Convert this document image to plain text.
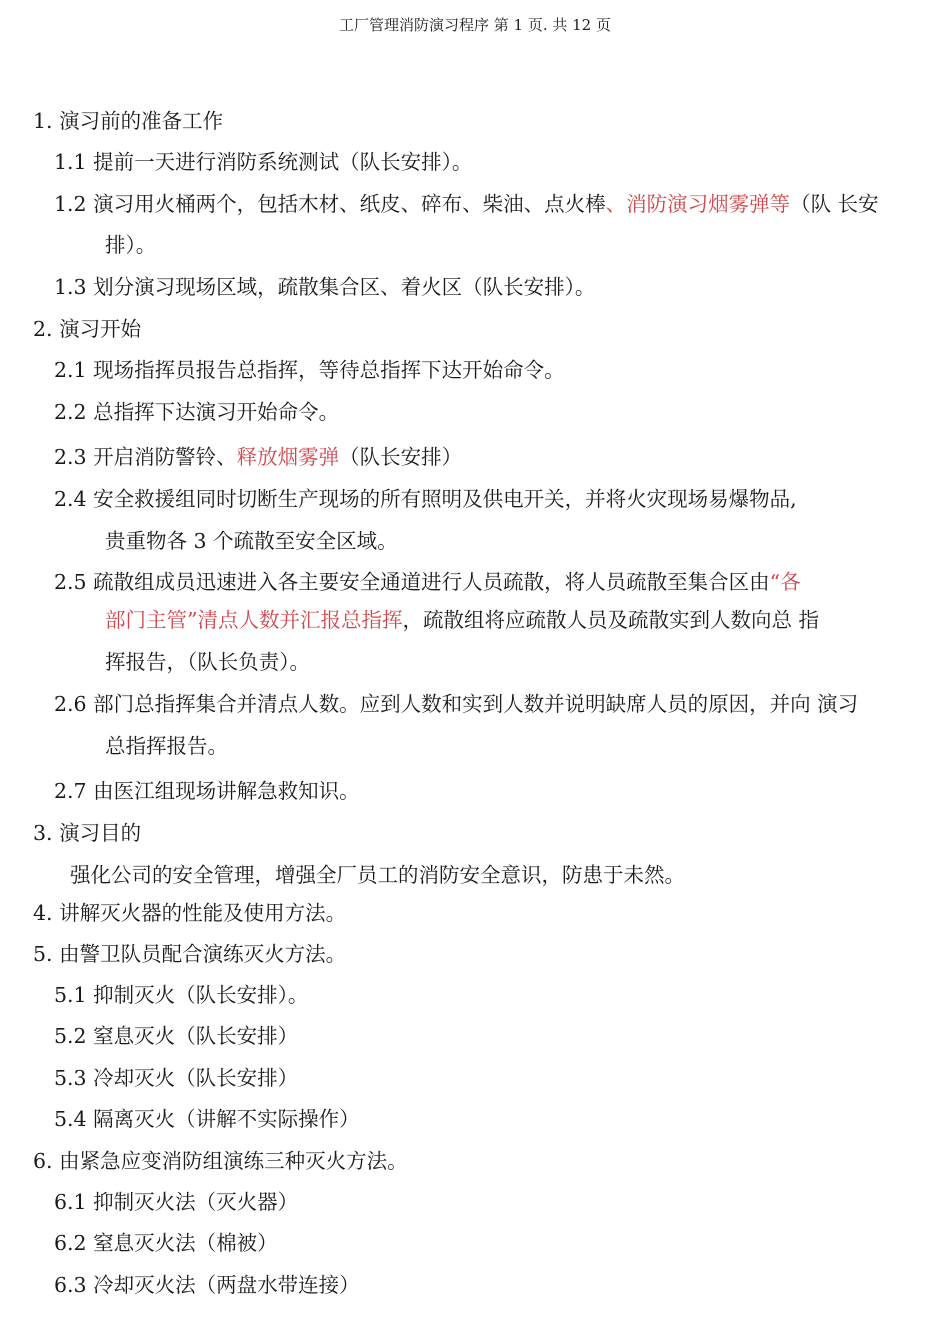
工厂管理消防演习程序 第 1 页. 共 12 页
1. 演习前的准备工作
1.1 提前一天进行消防系统测试（队长安排）。
1.2 演习用火桶两个，包括木材、纸皮、碎布、柴油、点火棒、消防演习烟雾弹等（队 长安
排）。
1.3 划分演习现场区域，疏散集合区、着火区（队长安排）。
2. 演习开始
2.1 现场指挥员报告总指挥，等待总指挥下达开始命令。
2.2 总指挥下达演习开始命令。
2.3 开启消防警铃、释放烟雾弹（队长安排）
2.4 安全救援组同时切断生产现场的所有照明及供电开关，并将火灾现场易爆物品,
贵重物各 3 个疏散至安全区域。
2.5 疏散组成员迅速进入各主要安全通道进行人员疏散，将人员疏散至集合区由“各
部门主管”清点人数并汇报总指挥，疏散组将应疏散人员及疏散实到人数向总 指
挥报告，（队长负责）。
2.6 部门总指挥集合并清点人数。应到人数和实到人数并说明缺席人员的原因，并向 演习
总指挥报告。
2.7 由医江组现场讲解急救知识。
3. 演习目的
强化公司的安全管理，增强全厂员工的消防安全意识，防患于未然。
4. 讲解灭火器的性能及使用方法。
5. 由警卫队员配合演练灭火方法。
5.1 抑制灭火（队长安排）。
5.2 窒息灭火（队长安排）
5.3 冷却灭火（队长安排）
5.4 隔离灭火（讲解不实际操作）
6. 由紧急应变消防组演练三种灭火方法。
6.1 抑制灭火法（灭火器）
6.2 窒息灭火法（棉被）
6.3 冷却灭火法（两盘水带连接）
